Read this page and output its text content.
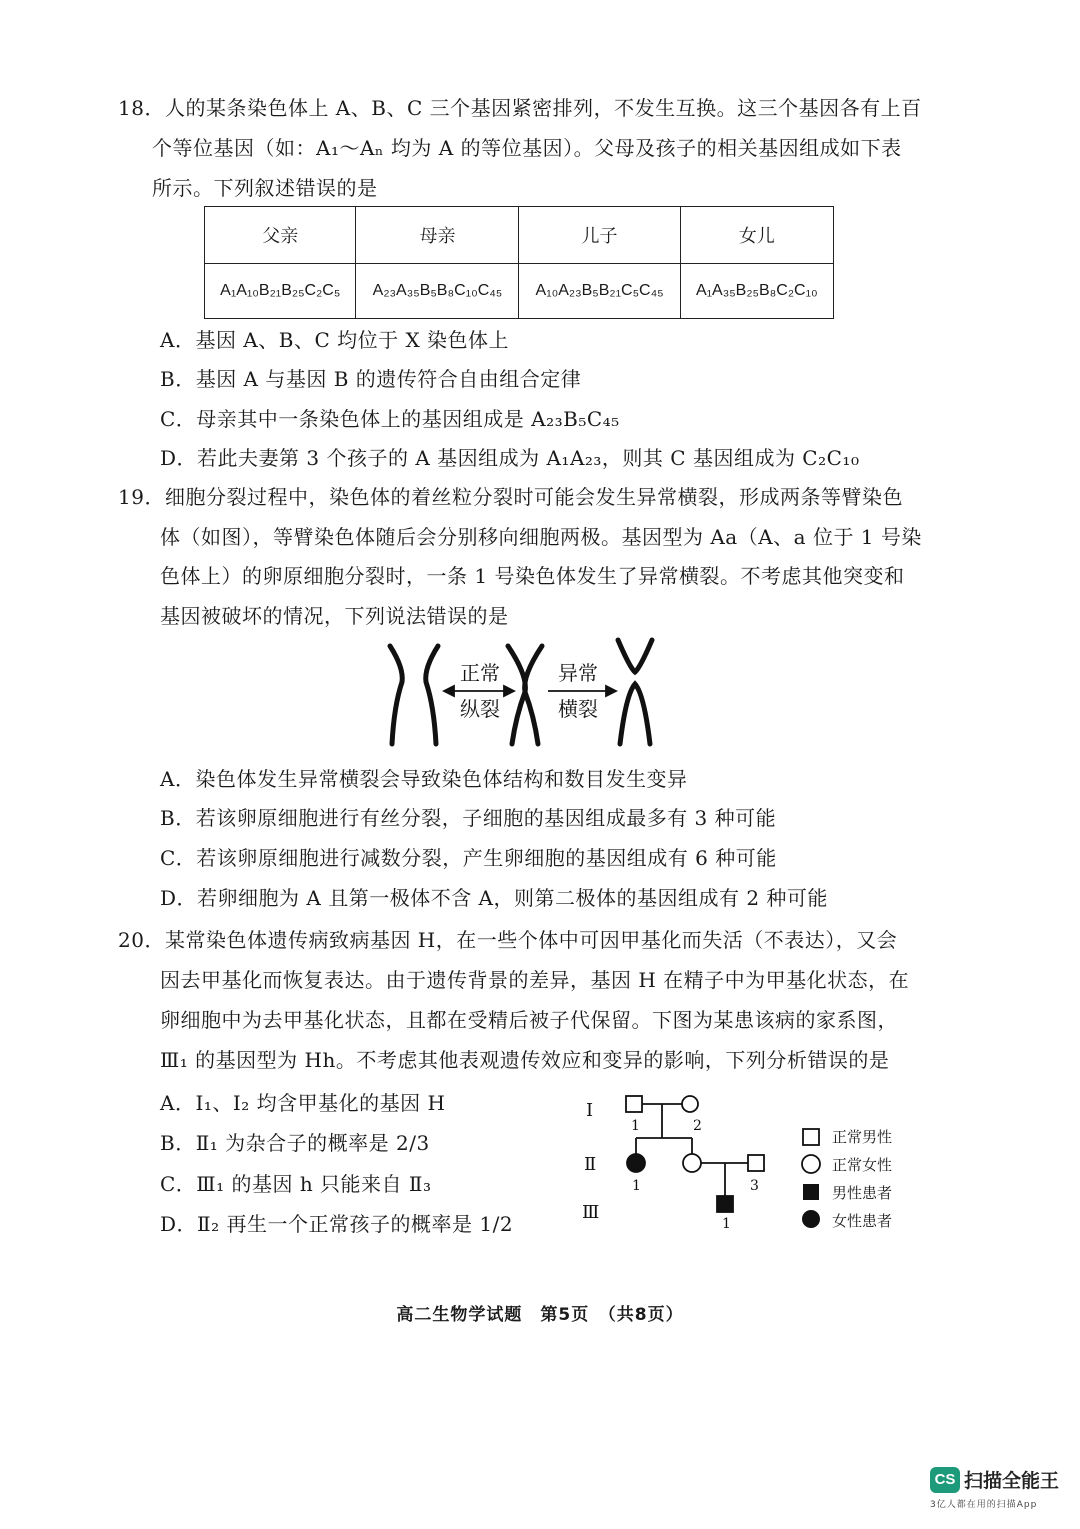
18．人的某条染色体上 A、B、C 三个基因紧密排列，不发生互换。这三个基因各有上百
个等位基因（如：A₁～Aₙ 均为 A 的等位基因）。父母及孩子的相关基因组成如下表
所示。下列叙述错误的是
父亲	母亲	儿子	女儿
A₁A₁₀B₂₁B₂₅C₂C₅	A₂₃A₃₅B₅B₈C₁₀C₄₅	A₁₀A₂₃B₅B₂₁C₅C₄₅	A₁A₃₅B₂₅B₈C₂C₁₀
A．基因 A、B、C 均位于 X 染色体上
B．基因 A 与基因 B 的遗传符合自由组合定律
C．母亲其中一条染色体上的基因组成是 A₂₃B₅C₄₅
D．若此夫妻第 3 个孩子的 A 基因组成为 A₁A₂₃，则其 C 基因组成为 C₂C₁₀
19．细胞分裂过程中，染色体的着丝粒分裂时可能会发生异常横裂，形成两条等臂染色
体（如图），等臂染色体随后会分别移向细胞两极。基因型为 Aa（A、a 位于 1 号染
色体上）的卵原细胞分裂时，一条 1 号染色体发生了异常横裂。不考虑其他突变和
基因被破坏的情况，下列说法错误的是
正常
纵裂
异常
横裂
A．染色体发生异常横裂会导致染色体结构和数目发生变异
B．若该卵原细胞进行有丝分裂，子细胞的基因组成最多有 3 种可能
C．若该卵原细胞进行减数分裂，产生卵细胞的基因组成有 6 种可能
D．若卵细胞为 A 且第一极体不含 A，则第二极体的基因组成有 2 种可能
20．某常染色体遗传病致病基因 H，在一些个体中可因甲基化而失活（不表达），又会
因去甲基化而恢复表达。由于遗传背景的差异，基因 H 在精子中为甲基化状态，在
卵细胞中为去甲基化状态，且都在受精后被子代保留。下图为某患该病的家系图，
Ⅲ₁ 的基因型为 Hh。不考虑其他表观遗传效应和变异的影响，下列分析错误的是
A．Ⅰ₁、Ⅰ₂ 均含甲基化的基因 H
B．Ⅱ₁ 为杂合子的概率是 2/3
C．Ⅲ₁ 的基因 h 只能来自 Ⅱ₃
D．Ⅱ₂ 再生一个正常孩子的概率是 1/2
Ⅰ
Ⅱ
Ⅲ
1	2
1	3
1
正常男性
正常女性
男性患者
女性患者
高二生物学试题　第5页　（共8页）
CS 扫描全能王
3亿人都在用的扫描App
